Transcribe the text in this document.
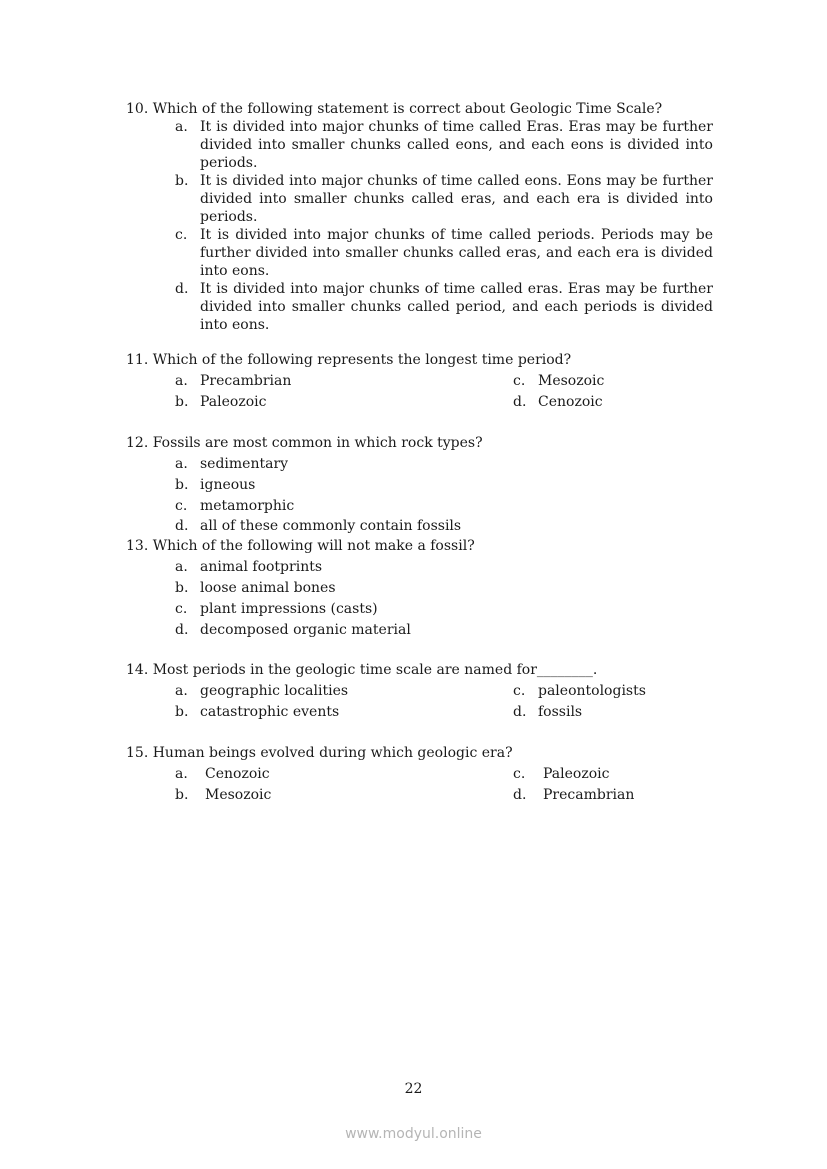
10. Which of the following statement is correct about Geologic Time Scale?
a. It is divided into major chunks of time called Eras. Eras may be further divided into smaller chunks called eons, and each eons is divided into periods.
b. It is divided into major chunks of time called eons. Eons may be further divided into smaller chunks called eras, and each era is divided into periods.
c. It is divided into major chunks of time called periods. Periods may be further divided into smaller chunks called eras, and each era is divided into eons.
d. It is divided into major chunks of time called eras. Eras may be further divided into smaller chunks called period, and each periods is divided into eons.
11. Which of the following represents the longest time period?
a. Precambrian
b. Paleozoic
c. Mesozoic
d. Cenozoic
12. Fossils are most common in which rock types?
a. sedimentary
b. igneous
c. metamorphic
d. all of these commonly contain fossils
13. Which of the following will not make a fossil?
a. animal footprints
b. loose animal bones
c. plant impressions (casts)
d. decomposed organic material
14. Most periods in the geologic time scale are named for________.
a. geographic localities
b. catastrophic events
c. paleontologists
d. fossils
15. Human beings evolved during which geologic era?
a. Cenozoic
b. Mesozoic
c. Paleozoic
d. Precambrian
22
www.modyul.online
